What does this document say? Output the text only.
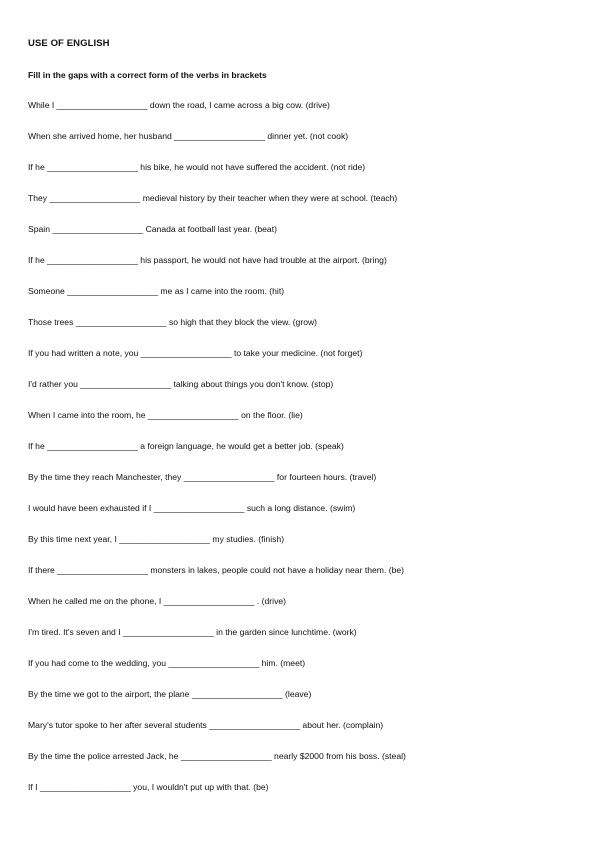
USE OF ENGLISH
Fill in the gaps with a correct form of the verbs in brackets
While I ___________________ down the road, I came across a big cow. (drive)
When she arrived home, her husband ___________________ dinner yet. (not cook)
If he ___________________ his bike, he would not have suffered the accident. (not ride)
They ___________________ medieval history by their teacher when they were at school. (teach)
Spain ___________________ Canada at football last year. (beat)
If he ___________________ his passport, he would not have had trouble at the airport. (bring)
Someone ___________________ me as I came into the room. (hit)
Those trees ___________________ so high that they block the view. (grow)
If you had written a note, you ___________________ to take your medicine. (not forget)
I'd rather you ___________________ talking about things you don't know. (stop)
When I came into the room, he ___________________ on the floor. (lie)
If he ___________________ a foreign language, he would get a better job. (speak)
By the time they reach Manchester, they ___________________ for fourteen hours. (travel)
I would have been exhausted if I ___________________ such a long distance. (swim)
By this time next year, I ___________________ my studies. (finish)
If there ___________________ monsters in lakes, people could not have a holiday near them. (be)
When he called me on the phone, I ___________________ . (drive)
I'm tired. It's seven and I ___________________ in the garden since lunchtime. (work)
If you had come to the wedding, you ___________________ him. (meet)
By the time we got to the airport, the plane ___________________ (leave)
Mary's tutor spoke to her after several students ___________________ about her. (complain)
By the time the police arrested Jack, he ___________________ nearly $2000 from his boss. (steal)
If I ___________________ you, I wouldn't put up with that. (be)
